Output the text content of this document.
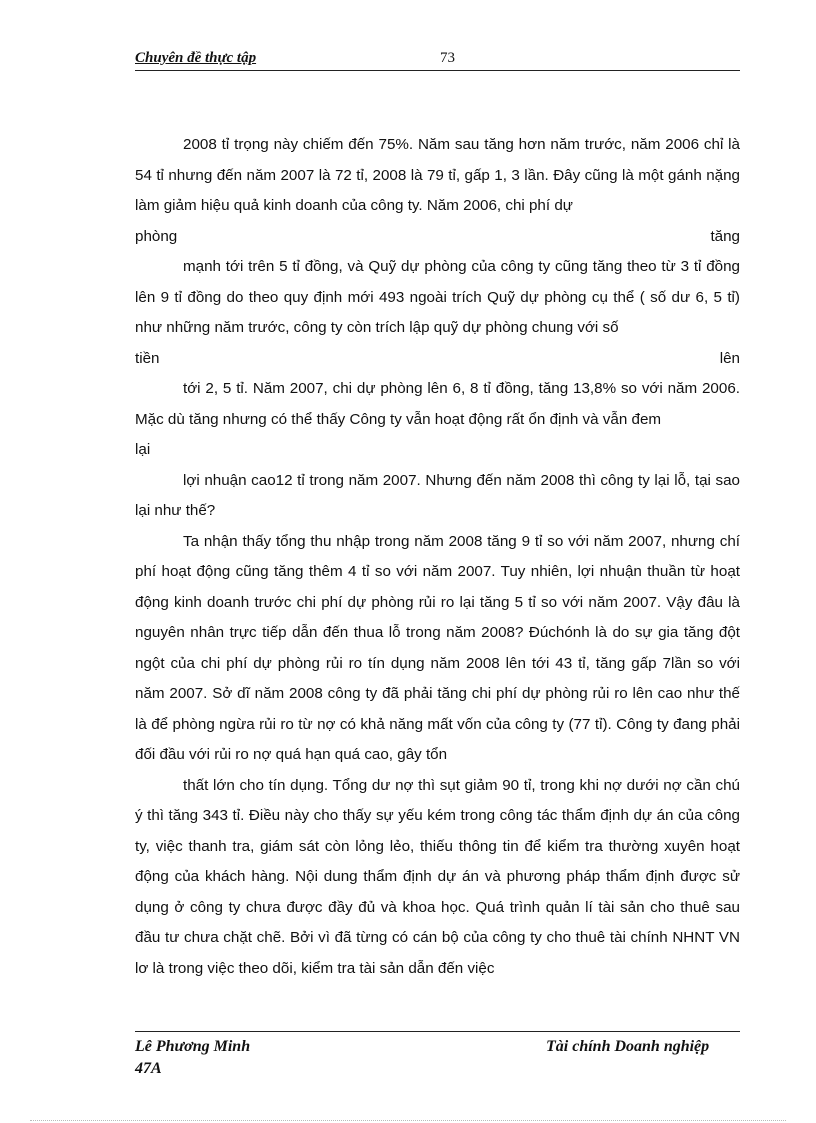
Chuyên đề thực tập	73

2008 tỉ trọng này chiếm đến 75%. Năm sau tăng hơn năm trước, năm 2006 chỉ là 54 tỉ nhưng đến năm 2007 là 72 tỉ, 2008 là 79 tỉ, gấp 1, 3 lần. Đây cũng là một gánh nặng làm giảm hiệu quả kinh doanh của công ty. Năm 2006, chi phí dự

phòng	tăng

mạnh tới trên 5 tỉ đồng, và Quỹ dự phòng của công ty cũng tăng theo từ 3 tỉ đồng lên 9 tỉ đồng do theo quy định mới 493 ngoài trích Quỹ dự phòng cụ thể ( số dư 6, 5 tỉ) như những năm trước, công ty còn trích lập quỹ dự phòng chung với số

tiền	lên

tới 2, 5 tỉ. Năm 2007, chi dự phòng lên 6, 8 tỉ đồng, tăng 13,8% so với năm 2006. Mặc dù tăng nhưng có thể thấy Công ty vẫn hoạt động rất ổn định và vẫn đem

lại

lợi nhuận cao12 tỉ trong năm 2007. Nhưng đến năm 2008 thì công ty lại lỗ, tại sao lại như thế?

Ta nhận thấy tổng thu nhập trong năm 2008 tăng 9 tỉ so với năm 2007, nhưng chí phí hoạt động cũng tăng thêm 4 tỉ so với năm 2007. Tuy nhiên, lợi nhuận thuần từ hoạt động kinh doanh trước chi phí dự phòng rủi ro lại tăng 5 tỉ so với năm 2007. Vậy đâu là nguyên nhân trực tiếp dẫn đến thua lỗ trong năm 2008? Đúchónh là do sự gia tăng đột ngột của chi phí dự phòng rủi ro tín dụng năm 2008 lên tới 43 tỉ, tăng gấp 7lần so với năm 2007. Sở dĩ năm 2008 công ty đã phải tăng chi phí dự phòng rủi ro lên cao như thế là để phòng ngừa rủi ro từ nợ có khả năng mất vốn của công ty (77 tỉ). Công ty đang phải đối đầu với rủi ro nợ quá hạn quá cao, gây tổn

thất lớn cho tín dụng. Tổng dư nợ thì sụt giảm 90 tỉ, trong khi nợ dưới nợ cần chú ý thì tăng 343 tỉ. Điều này cho thấy sự yếu kém trong công tác thẩm định dự án của công ty, việc thanh tra, giám sát còn lỏng lẻo, thiếu thông tin để kiểm tra thường xuyên hoạt động của khách hàng. Nội dung thẩm định dự án và phương pháp thẩm định được sử dụng ở công ty chưa được đầy đủ và khoa học. Quá trình quản lí tài sản cho thuê sau đầu tư chưa chặt chẽ. Bởi vì đã từng có cán bộ của công ty cho thuê tài chính NHNT VN lơ là trong việc theo dõi, kiểm tra tài sản dẫn đến việc

Lê Phương Minh
47A
Tài chính Doanh nghiệp
